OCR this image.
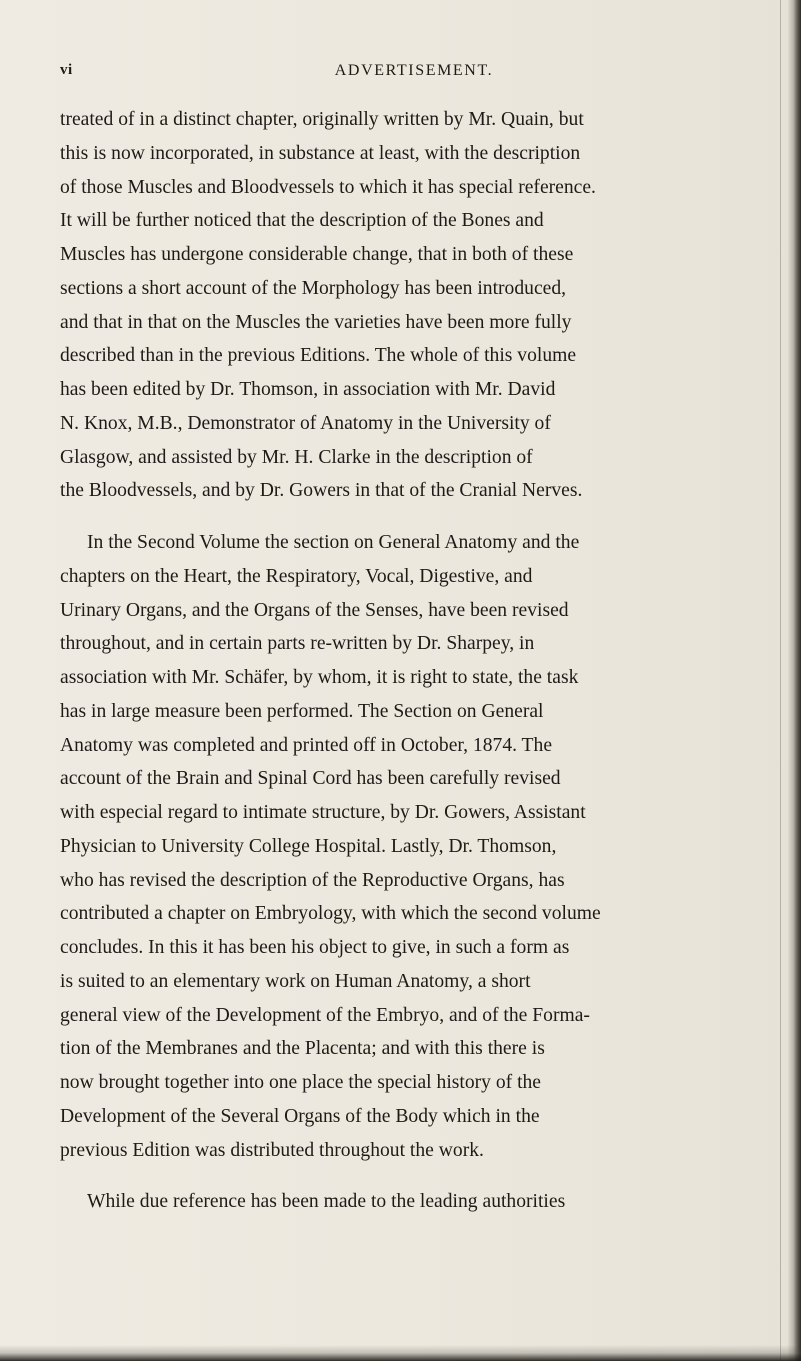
vi	ADVERTISEMENT.
treated of in a distinct chapter, originally written by Mr. Quain, but
this is now incorporated, in substance at least, with the description
of those Muscles and Bloodvessels to which it has special reference.
It will be further noticed that the description of the Bones and
Muscles has undergone considerable change, that in both of these
sections a short account of the Morphology has been introduced,
and that in that on the Muscles the varieties have been more fully
described than in the previous Editions. The whole of this volume
has been edited by Dr. Thomson, in association with Mr. David
N. Knox, M.B., Demonstrator of Anatomy in the University of
Glasgow, and assisted by Mr. H. Clarke in the description of
the Bloodvessels, and by Dr. Gowers in that of the Cranial Nerves.
In the Second Volume the section on General Anatomy and the
chapters on the Heart, the Respiratory, Vocal, Digestive, and
Urinary Organs, and the Organs of the Senses, have been revised
throughout, and in certain parts re-written by Dr. Sharpey, in
association with Mr. Schäfer, by whom, it is right to state, the task
has in large measure been performed. The Section on General
Anatomy was completed and printed off in October, 1874. The
account of the Brain and Spinal Cord has been carefully revised
with especial regard to intimate structure, by Dr. Gowers, Assistant
Physician to University College Hospital. Lastly, Dr. Thomson,
who has revised the description of the Reproductive Organs, has
contributed a chapter on Embryology, with which the second volume
concludes. In this it has been his object to give, in such a form as
is suited to an elementary work on Human Anatomy, a short
general view of the Development of the Embryo, and of the Forma-
tion of the Membranes and the Placenta; and with this there is
now brought together into one place the special history of the
Development of the Several Organs of the Body which in the
previous Edition was distributed throughout the work.
While due reference has been made to the leading authorities
